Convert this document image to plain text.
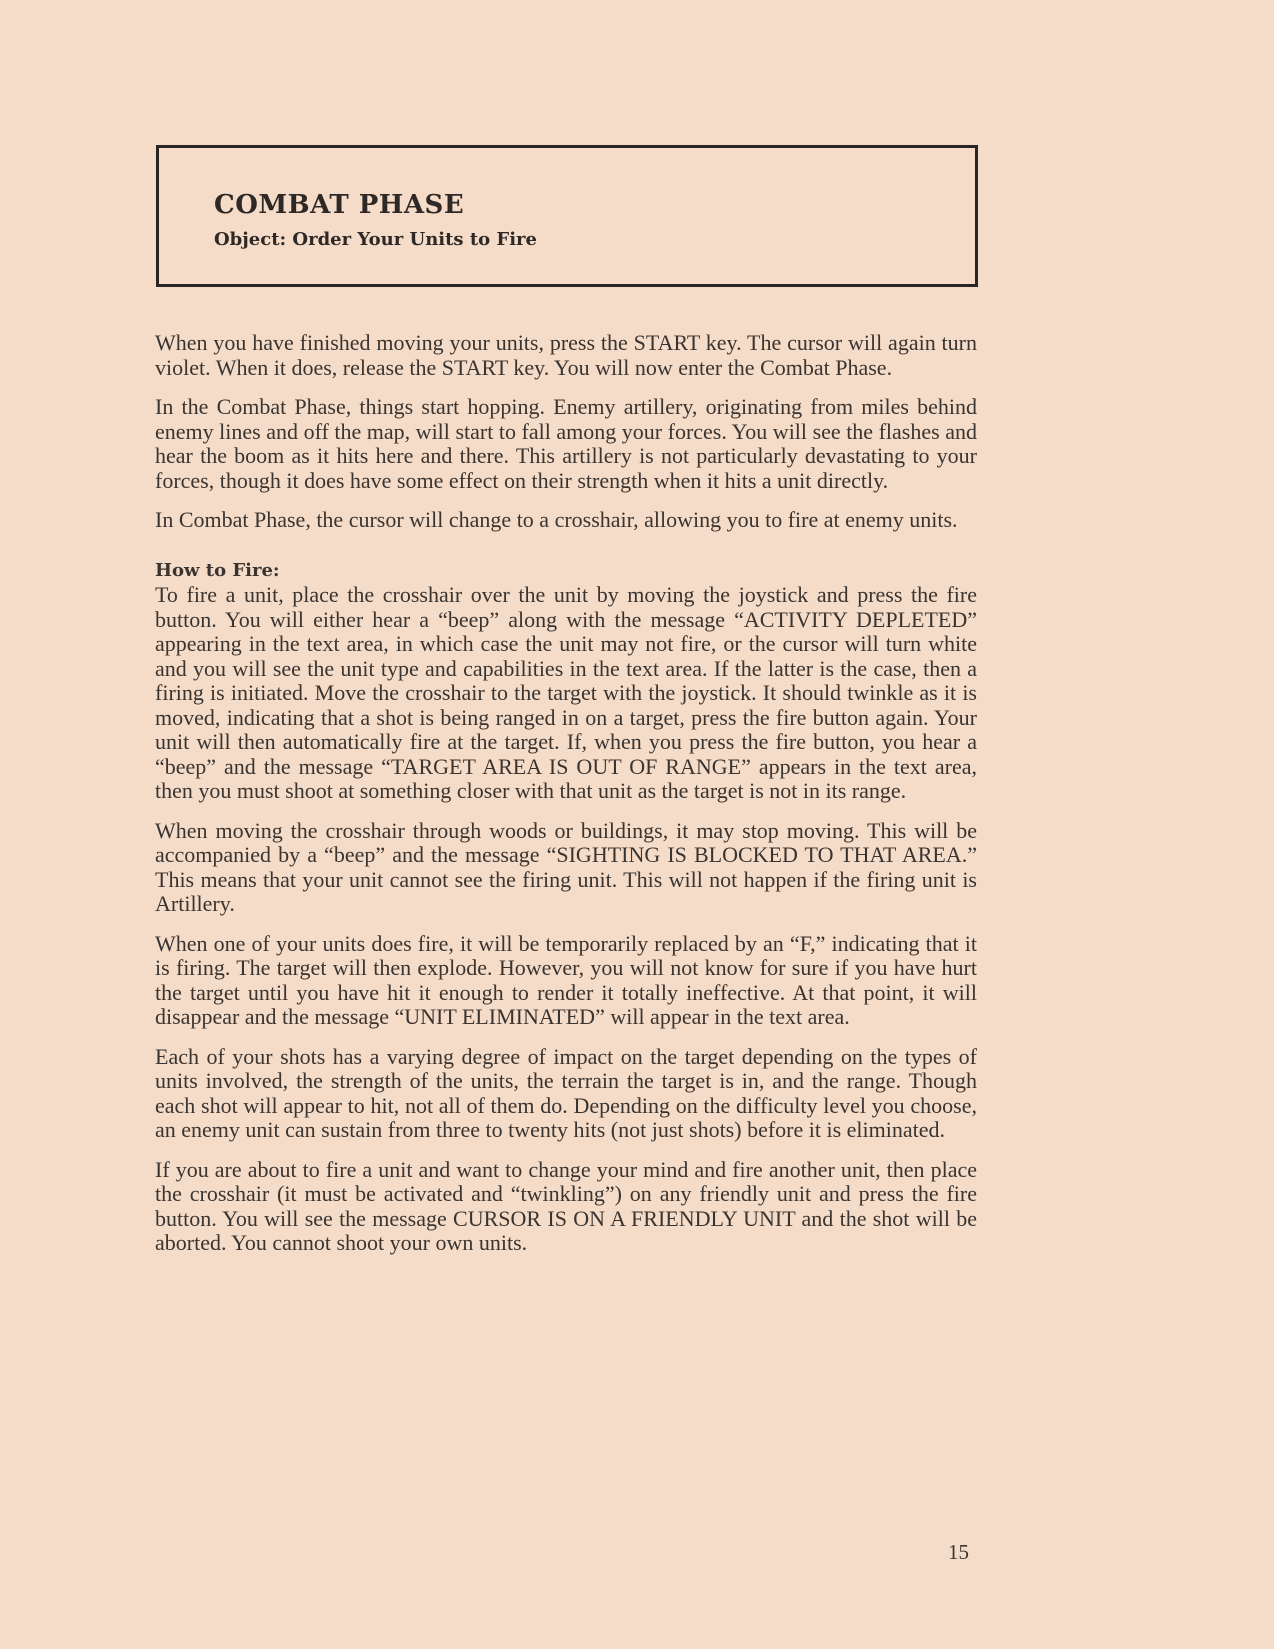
COMBAT PHASE
Object: Order Your Units to Fire

When you have finished moving your units, press the START key. The cursor will again turn violet. When it does, release the START key. You will now enter the Combat Phase.

In the Combat Phase, things start hopping. Enemy artillery, originating from miles behind enemy lines and off the map, will start to fall among your forces. You will see the flashes and hear the boom as it hits here and there. This artillery is not particularly devastating to your forces, though it does have some effect on their strength when it hits a unit directly.

In Combat Phase, the cursor will change to a crosshair, allowing you to fire at enemy units.

How to Fire:

To fire a unit, place the crosshair over the unit by moving the joystick and press the fire button. You will either hear a “beep” along with the message “ACTIVITY DEPLETED” appearing in the text area, in which case the unit may not fire, or the cursor will turn white and you will see the unit type and capabilities in the text area. If the latter is the case, then a firing is initiated. Move the crosshair to the target with the joystick. It should twinkle as it is moved, indicating that a shot is being ranged in on a target, press the fire button again. Your unit will then automatically fire at the target. If, when you press the fire button, you hear a “beep” and the message “TARGET AREA IS OUT OF RANGE” appears in the text area, then you must shoot at something closer with that unit as the target is not in its range.

When moving the crosshair through woods or buildings, it may stop moving. This will be accompanied by a “beep” and the message “SIGHTING IS BLOCKED TO THAT AREA.” This means that your unit cannot see the firing unit. This will not happen if the firing unit is Artillery.

When one of your units does fire, it will be temporarily replaced by an “F,” indicating that it is firing. The target will then explode. However, you will not know for sure if you have hurt the target until you have hit it enough to render it totally ineffective. At that point, it will disappear and the message “UNIT ELIMINATED” will appear in the text area.

Each of your shots has a varying degree of impact on the target depending on the types of units involved, the strength of the units, the terrain the target is in, and the range. Though each shot will appear to hit, not all of them do. Depending on the difficulty level you choose, an enemy unit can sustain from three to twenty hits (not just shots) before it is eliminated.

If you are about to fire a unit and want to change your mind and fire another unit, then place the crosshair (it must be activated and “twinkling”) on any friendly unit and press the fire button. You will see the message CURSOR IS ON A FRIENDLY UNIT and the shot will be aborted. You cannot shoot your own units.

15
